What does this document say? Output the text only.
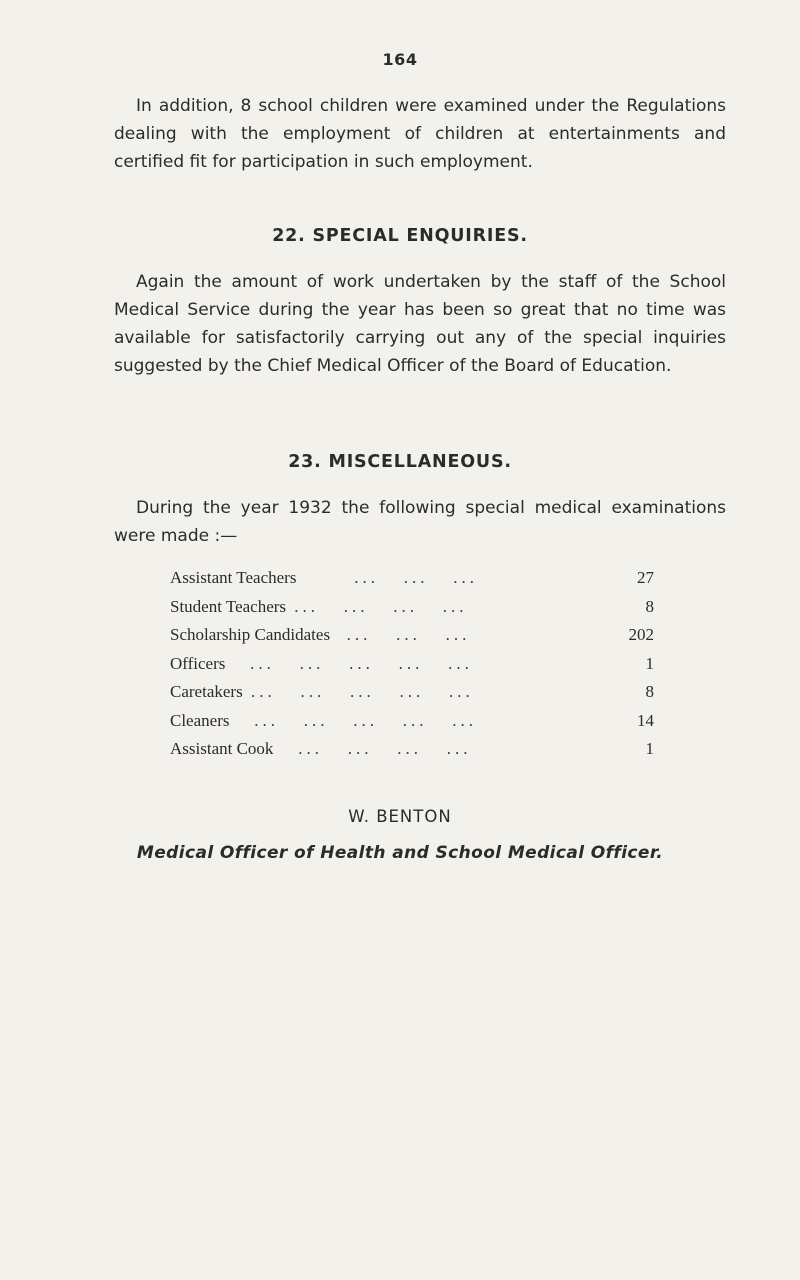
164

In addition, 8 school children were examined under the Regulations dealing with the employment of children at entertainments and certified fit for participation in such employment.

22. SPECIAL ENQUIRIES.

Again the amount of work undertaken by the staff of the School Medical Service during the year has been so great that no time was available for satisfactorily carrying out any of the special inquiries suggested by the Chief Medical Officer of the Board of Education.

23. MISCELLANEOUS.

During the year 1932 the following special medical examinations were made :—

Assistant Teachers       ...   ...   ...	27
Student Teachers ...   ...   ...   ...	8
Scholarship Candidates  ...   ...   ...	202
Officers   ...   ...   ...   ...   ...	1
Caretakers ...   ...   ...   ...   ...	8
Cleaners   ...   ...   ...   ...   ...	14
Assistant Cook   ...   ...   ...   ...	1

W. BENTON

Medical Officer of Health and School Medical Officer.
